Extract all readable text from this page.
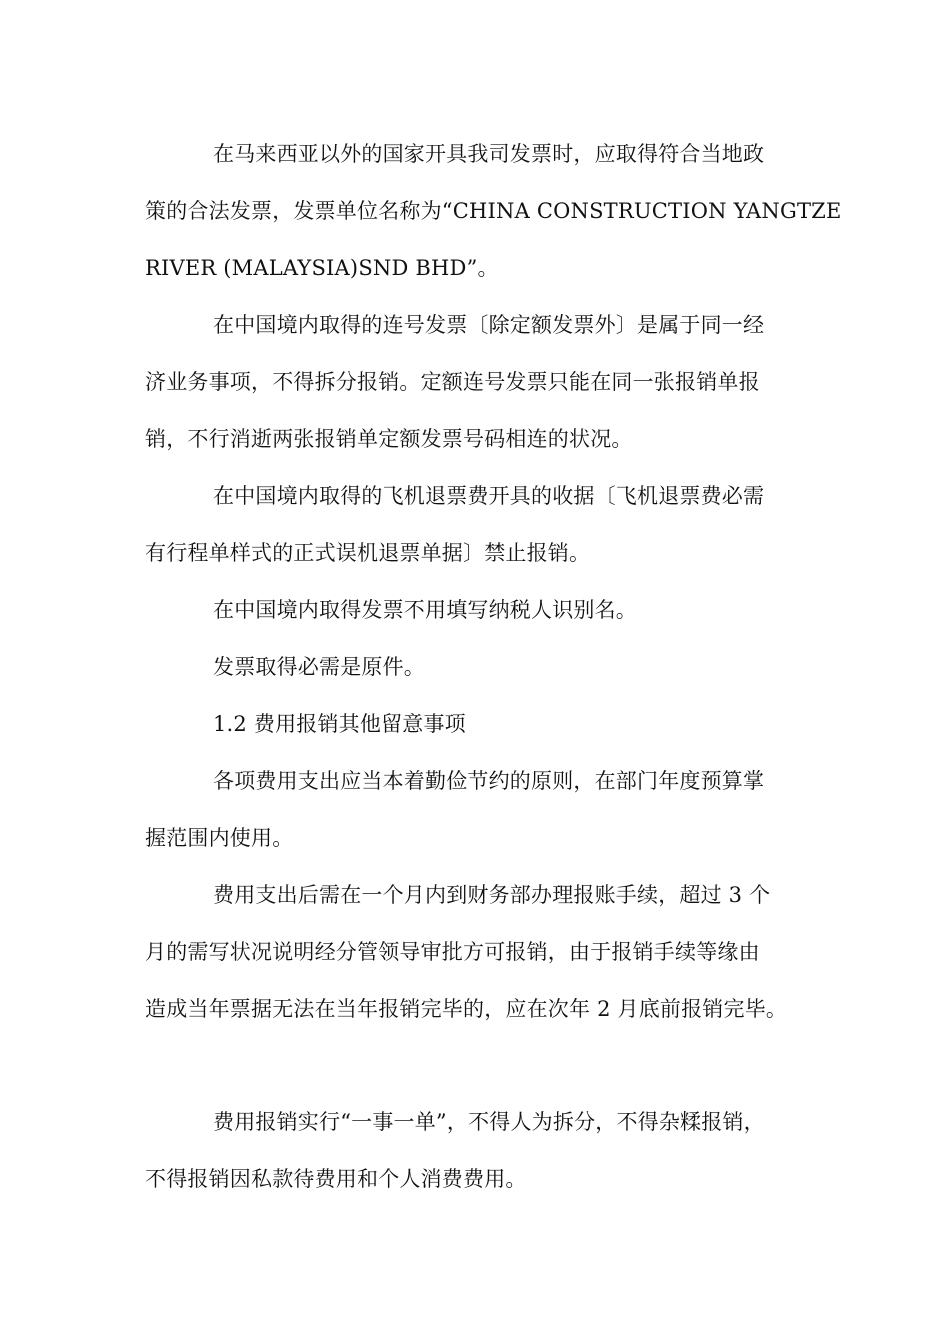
在马来西亚以外的国家开具我司发票时，应取得符合当地政
策的合法发票，发票单位名称为“CHINA CONSTRUCTION YANGTZE
RIVER (MALAYSIA)SND BHD”。
在中国境内取得的连号发票〔除定额发票外〕是属于同一经
济业务事项，不得拆分报销。定额连号发票只能在同一张报销单报
销，不行消逝两张报销单定额发票号码相连的状况。
在中国境内取得的飞机退票费开具的收据〔飞机退票费必需
有行程单样式的正式误机退票单据〕禁止报销。
在中国境内取得发票不用填写纳税人识别名。
发票取得必需是原件。
1.2 费用报销其他留意事项
各项费用支出应当本着勤俭节约的原则，在部门年度预算掌
握范围内使用。
费用支出后需在一个月内到财务部办理报账手续，超过 3 个
月的需写状况说明经分管领导审批方可报销，由于报销手续等缘由
造成当年票据无法在当年报销完毕的，应在次年 2 月底前报销完毕。
费用报销实行“一事一单”，不得人为拆分，不得杂糅报销，
不得报销因私款待费用和个人消费费用。
